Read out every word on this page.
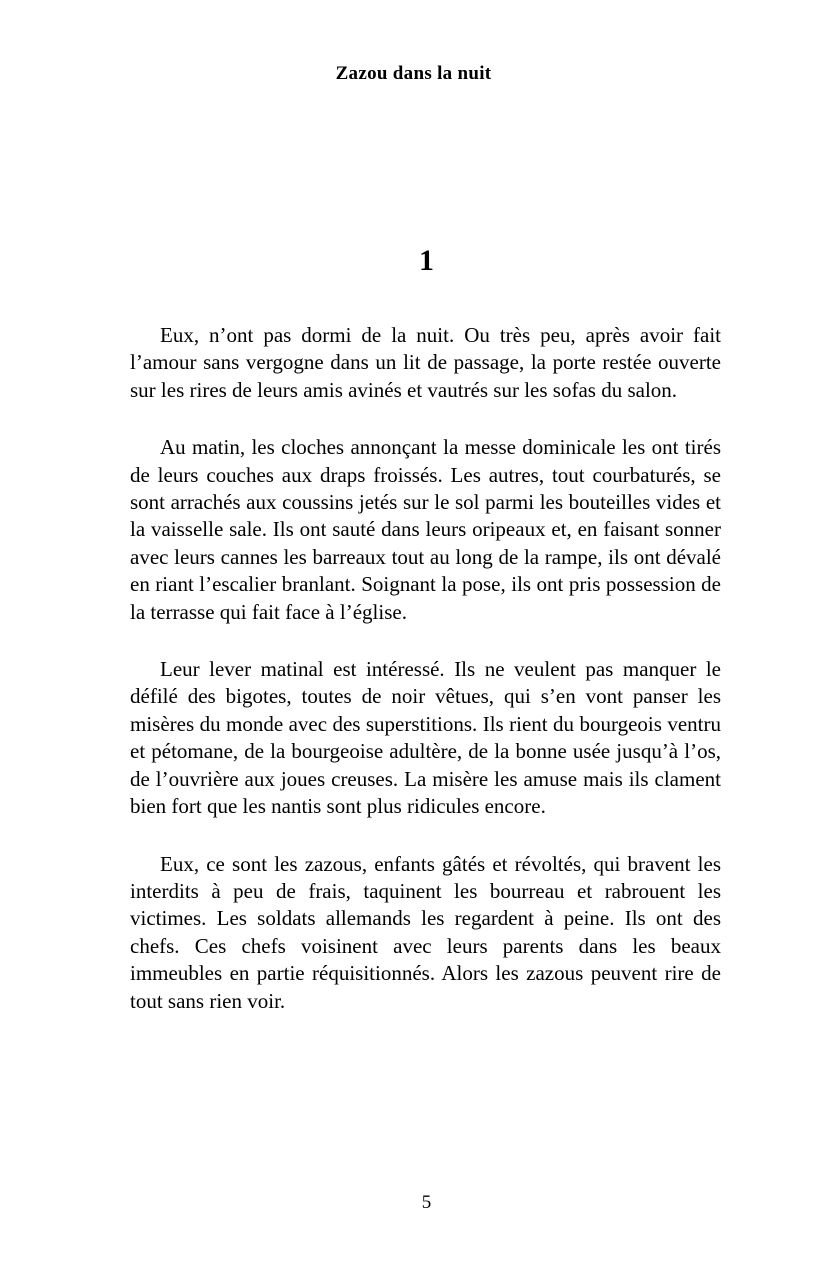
Zazou dans la nuit
1

Eux, n’ont pas dormi de la nuit. Ou très peu, après avoir fait l’amour sans vergogne dans un lit de passage, la porte restée ouverte sur les rires de leurs amis avinés et vautrés sur les sofas du salon.

Au matin, les cloches annonçant la messe dominicale les ont tirés de leurs couches aux draps froissés. Les autres, tout courbaturés, se sont arrachés aux coussins jetés sur le sol parmi les bouteilles vides et la vaisselle sale. Ils ont sauté dans leurs oripeaux et, en faisant sonner avec leurs cannes les barreaux tout au long de la rampe, ils ont dévalé en riant l’escalier branlant. Soignant la pose, ils ont pris possession de la terrasse qui fait face à l’église.

Leur lever matinal est intéressé. Ils ne veulent pas manquer le défilé des bigotes, toutes de noir vêtues, qui s’en vont panser les misères du monde avec des superstitions. Ils rient du bourgeois ventru et pétomane, de la bourgeoise adultère, de la bonne usée jusqu’à l’os, de l’ouvrière aux joues creuses. La misère les amuse mais ils clament bien fort que les nantis sont plus ridicules encore.

Eux, ce sont les zazous, enfants gâtés et révoltés, qui bravent les interdits à peu de frais, taquinent les bourreau et rabrouent les victimes. Les soldats allemands les regardent à peine. Ils ont des chefs. Ces chefs voisinent avec leurs parents dans les beaux immeubles en partie réquisitionnés. Alors les zazous peuvent rire de tout sans rien voir.

5
